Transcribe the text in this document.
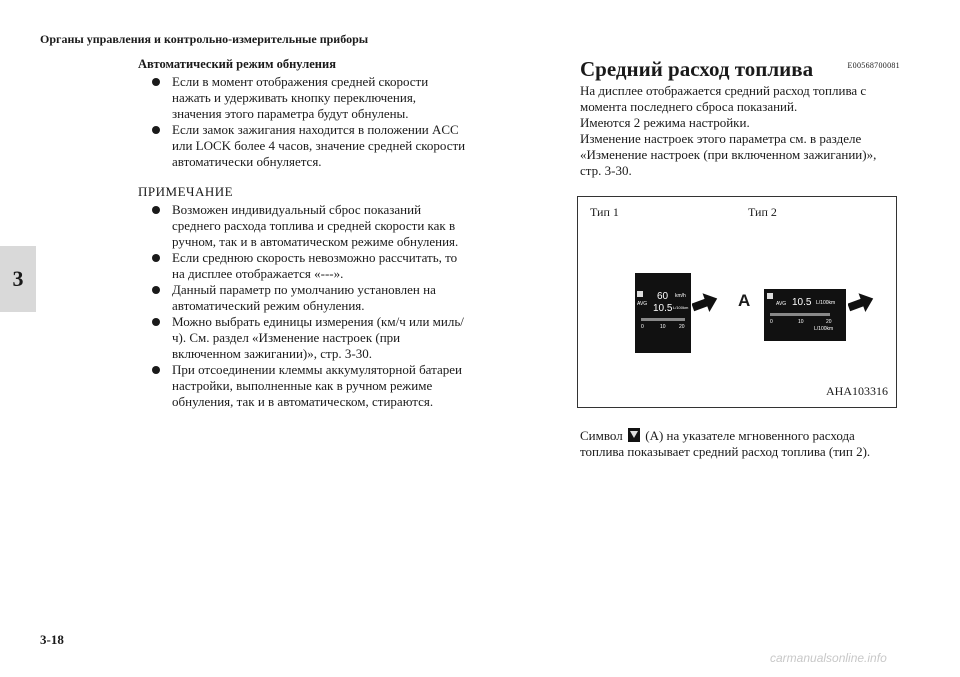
Органы управления и контрольно-измерительные приборы
3
Автоматический режим обнуления
Если в момент отображения средней скорости нажать и удерживать кнопку переключения, значения этого параметра будут обнулены.
Если замок зажигания находится в положении ACC или LOCK более 4 часов, значение средней скорости автоматически обнуляется.
ПРИМЕЧАНИЕ
Возможен индивидуальный сброс показаний среднего расхода топлива и средней скорости как в ручном, так и в автоматическом режиме обнуления.
Если среднюю скорость невозможно рассчитать, то на дисплее отображается «---».
Данный параметр по умолчанию установлен на автоматический режим обнуления.
Можно выбрать единицы измерения (км/ч или миль/ч). См. раздел «Изменение настроек (при включенном зажигании)», стр. 3-30.
При отсоединении клеммы аккумуляторной батареи настройки, выполненные как в ручном режиме обнуления, так и в автоматическом, стираются.
Средний расход топлива	E00568700081
На дисплее отображается средний расход топлива с момента последнего сброса показаний.
Имеются 2 режима настройки.
Изменение настроек этого параметра см. в разделе «Изменение настроек (при включенном зажигании)», стр. 3-30.
Тип 1	Тип 2
AVG
60 km/h
10.5 L/100km
0	10	20
A	AVG 10.5 L/100km
0	10	20
L/100km
AHA103316
Символ (A) на указателе мгновенного расхода топлива показывает средний расход топлива (тип 2).
3-18
carmanualsonline.info
